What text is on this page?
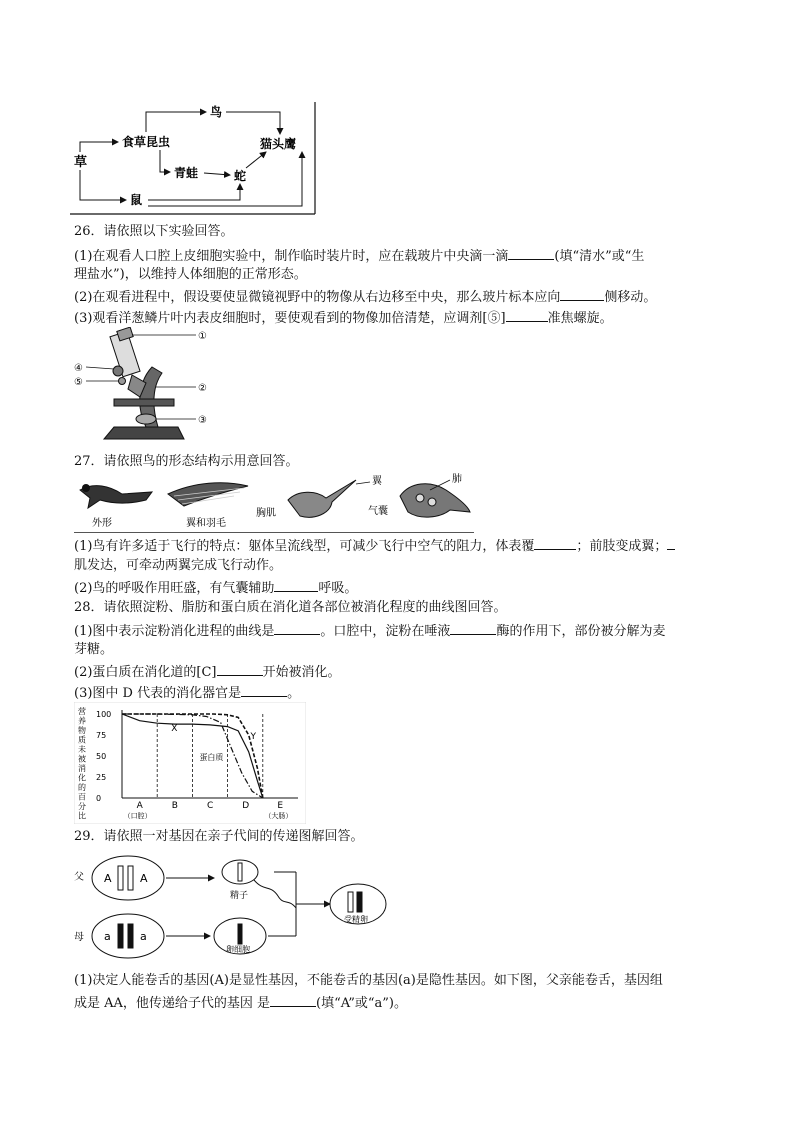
草
食草昆虫
鸟
猫头鹰
青蛙	蛇
鼠
26．请依照以下实验回答。
(1)在观看人口腔上皮细胞实验中，制作临时装片时，应在载玻片中央滴一滴	(填“清水”或“生
理盐水”)，以维持人体细胞的正常形态。
(2)在观看进程中，假设要使显微镜视野中的物像从右边移至中央，那么玻片标本应向	侧移动。
(3)观看洋葱鳞片叶内表皮细胞时，要使观看到的物像加倍清楚，应调剂[⑤]	准焦螺旋。
①
②
③
④
⑤
27．请依照鸟的形态结构示用意回答。
外形	翼和羽毛
胸肌
翼
气囊
肺
(1)鸟有许多适于飞行的特点：躯体呈流线型，可减少飞行中空气的阻力，体表覆	；前肢变成翼；
肌发达，可牵动两翼完成飞行动作。
(2)鸟的呼吸作用旺盛，有气囊辅助	呼吸。
28．请依照淀粉、脂肪和蛋白质在消化道各部位被消化程度的曲线图回答。
(1)图中表示淀粉消化进程的曲线是	。口腔中，淀粉在唾液	酶的作用下，部份被分解为麦
芽糖。
(2)蛋白质在消化道的[C]	开始被消化。
(3)图中 D 代表的消化器官是	。
营
养
物
质
未
被
消
化
的
百
分
比
100
75
50
25
0
A
（口腔）
B	C	D	E
（大肠）
X
Y
蛋白质
29．请依照一对基因在亲子代间的传递图解回答。
父
母
A	A
a	a
精子
卵细胞
受精卵
(1)决定人能卷舌的基因(A)是显性基因，不能卷舌的基因(a)是隐性基因。如下图，父亲能卷舌，基因组
成是 AA，他传递给子代的基因 是	(填“A”或“a”)。
